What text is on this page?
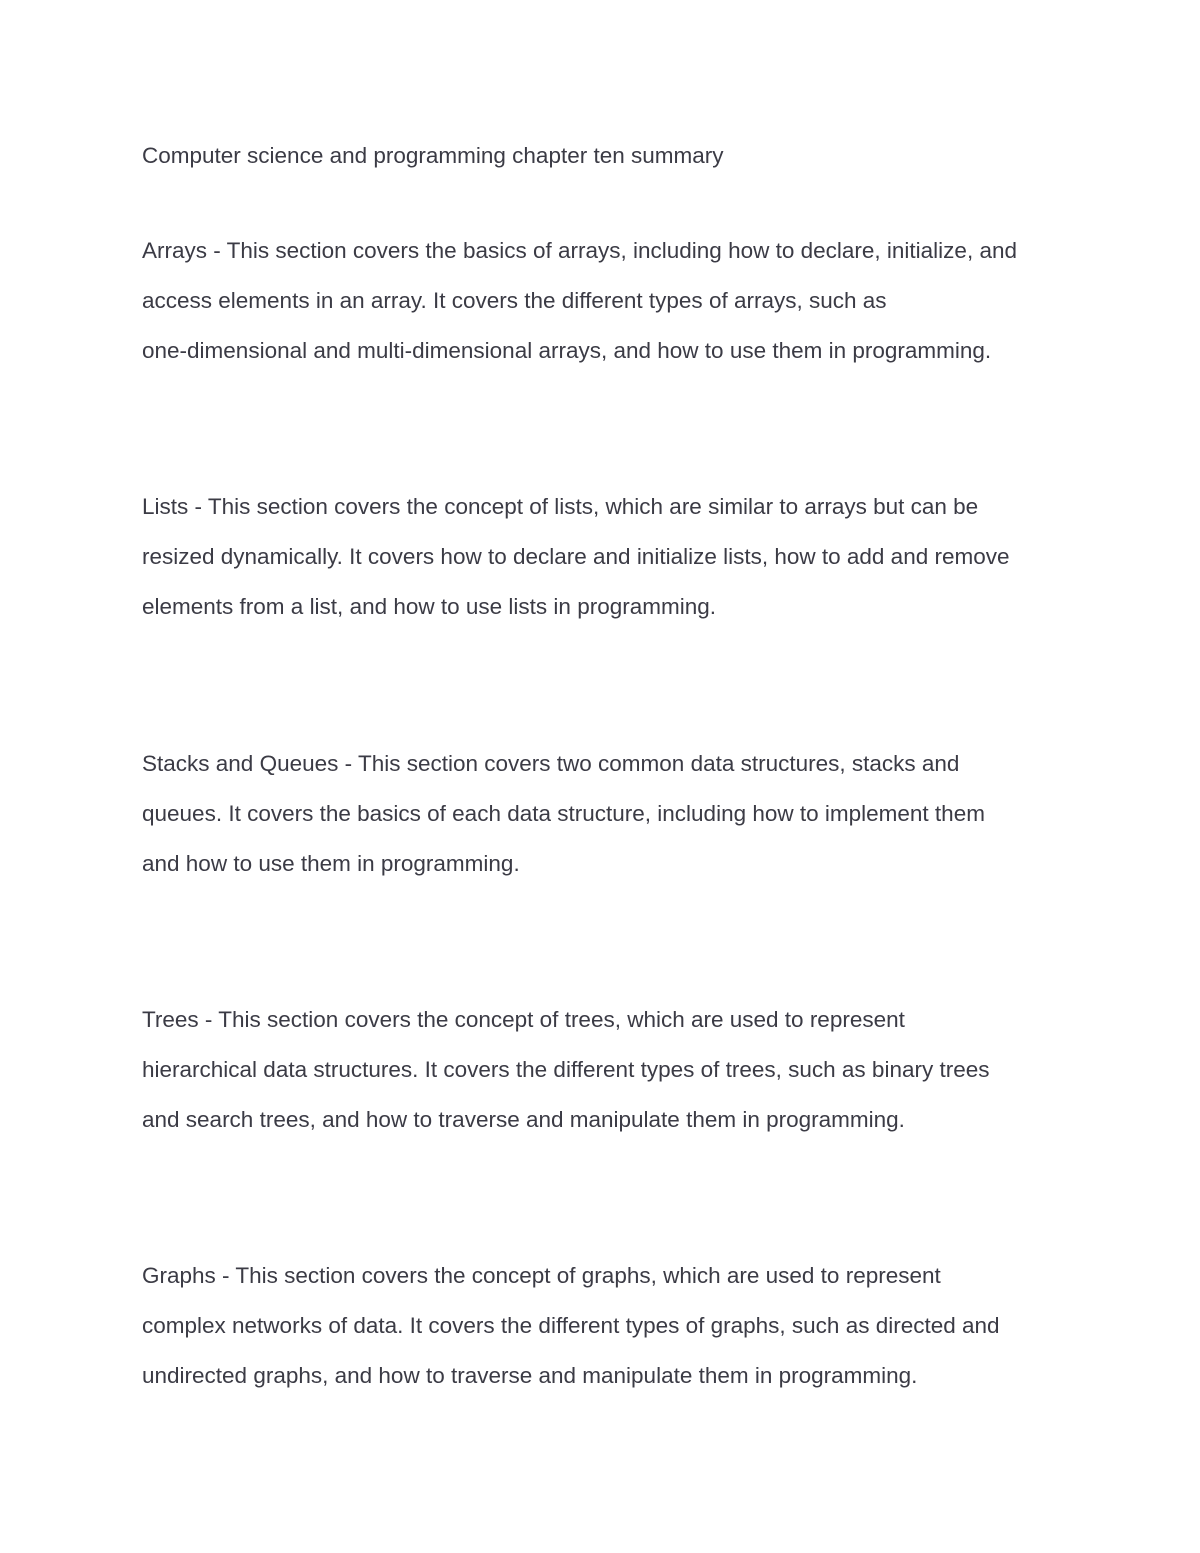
Computer science and programming chapter ten summary

Arrays - This section covers the basics of arrays, including how to declare, initialize, and
access elements in an array. It covers the different types of arrays, such as
one-dimensional and multi-dimensional arrays, and how to use them in programming.

Lists - This section covers the concept of lists, which are similar to arrays but can be
resized dynamically. It covers how to declare and initialize lists, how to add and remove
elements from a list, and how to use lists in programming.

Stacks and Queues - This section covers two common data structures, stacks and
queues. It covers the basics of each data structure, including how to implement them
and how to use them in programming.

Trees - This section covers the concept of trees, which are used to represent
hierarchical data structures. It covers the different types of trees, such as binary trees
and search trees, and how to traverse and manipulate them in programming.

Graphs - This section covers the concept of graphs, which are used to represent
complex networks of data. It covers the different types of graphs, such as directed and
undirected graphs, and how to traverse and manipulate them in programming.
